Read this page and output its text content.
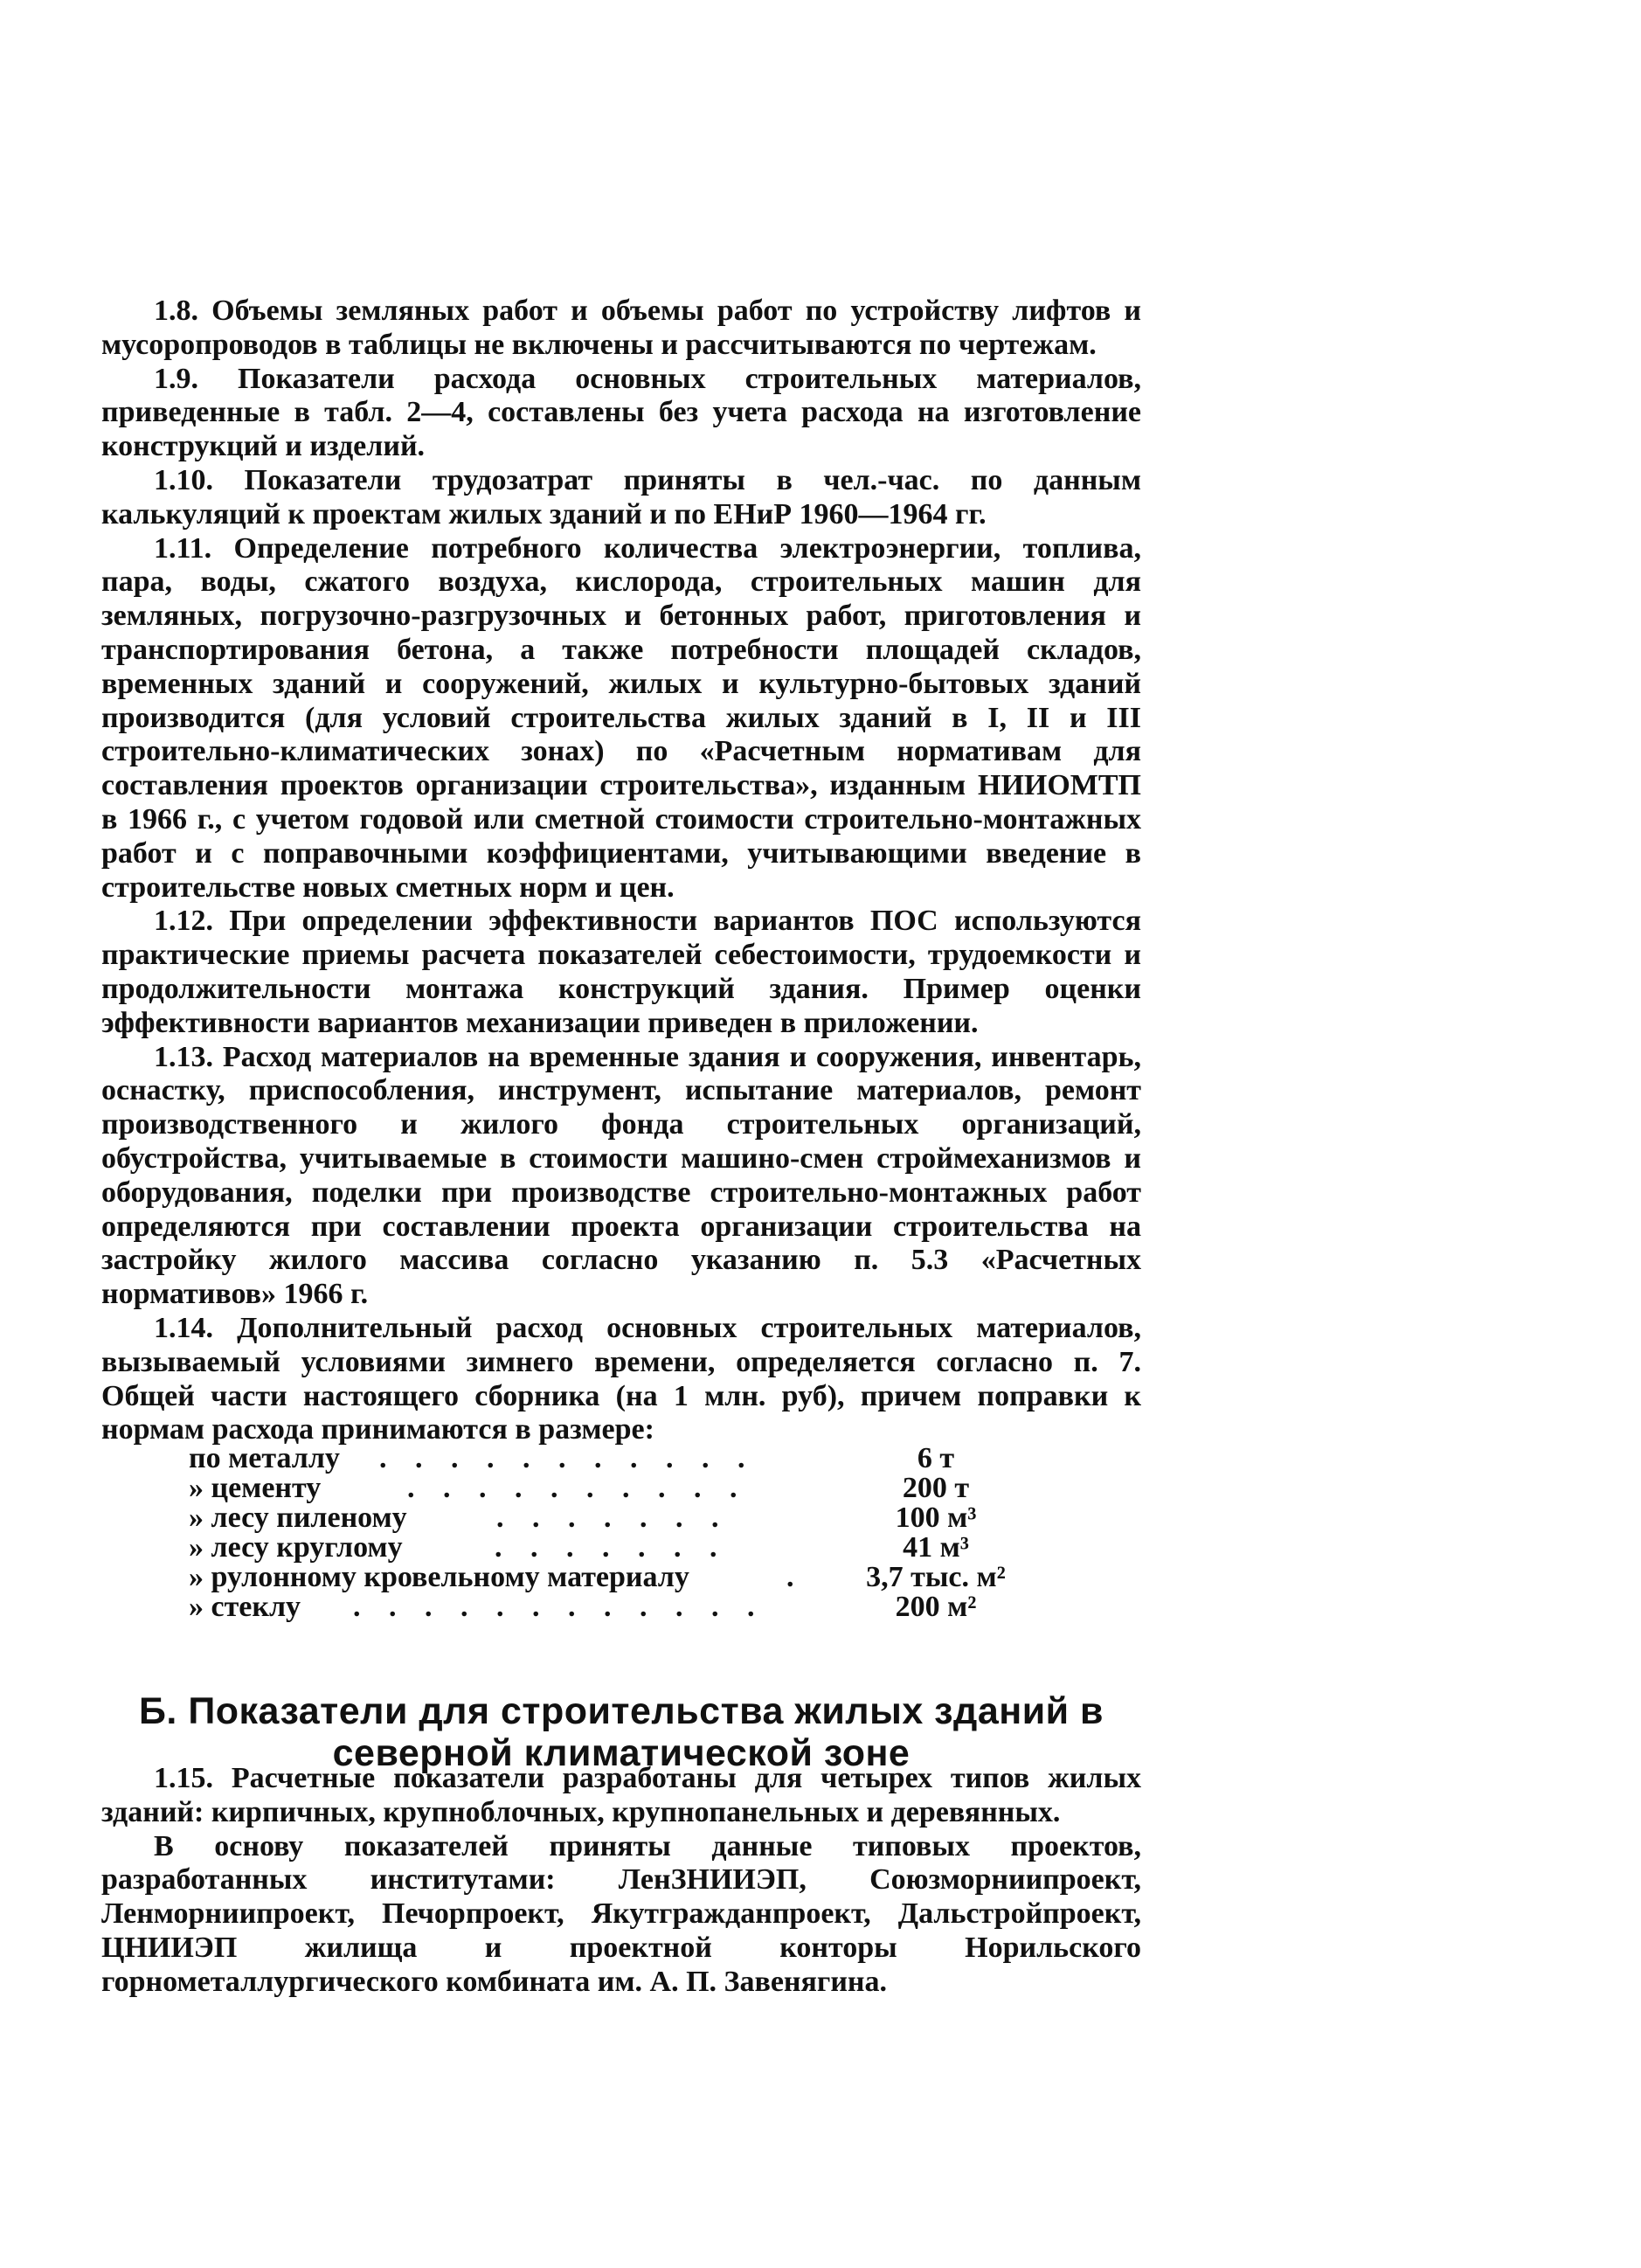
1.8. Объемы земляных работ и объемы работ по устройству лифтов и мусоропроводов в таблицы не включены и рассчитываются по чертежам.

1.9. Показатели расхода основных строительных материалов, приведенные в табл. 2—4, составлены без учета расхода на изготовление конструкций и изделий.

1.10. Показатели трудозатрат приняты в чел.-час. по данным калькуляций к проектам жилых зданий и по ЕНиР 1960—1964 гг.

1.11. Определение потребного количества электроэнергии, топлива, пара, воды, сжатого воздуха, кислорода, строительных машин для земляных, погрузочно-разгрузочных и бетонных работ, приготовления и транспортирования бетона, а также потребности площадей складов, временных зданий и сооружений, жилых и культурно-бытовых зданий производится (для условий строительства жилых зданий в I, II и III строительно-климатических зонах) по «Расчетным нормативам для составления проектов организации строительства», изданным НИИОМТП в 1966 г., с учетом годовой или сметной стоимости строительно-монтажных работ и с поправочными коэффициентами, учитывающими введение в строительстве новых сметных норм и цен.

1.12. При определении эффективности вариантов ПОС используются практические приемы расчета показателей себестоимости, трудоемкости и продолжительности монтажа конструкций здания. Пример оценки эффективности вариантов механизации приведен в приложении.

1.13. Расход материалов на временные здания и сооружения, инвентарь, оснастку, приспособления, инструмент, испытание материалов, ремонт производственного и жилого фонда строительных организаций, обустройства, учитываемые в стоимости машино-смен строймеханизмов и оборудования, поделки при производстве строительно-монтажных работ определяются при составлении проекта организации строительства на застройку жилого массива согласно указанию п. 5.3 «Расчетных нормативов» 1966 г.

1.14. Дополнительный расход основных строительных материалов, вызываемый условиями зимнего времени, определяется согласно п. 7. Общей части настоящего сборника (на 1 млн. руб), причем поправки к нормам расхода принимаются в размере:

по металлу . . . . . . . . . . .	6 т
» цементу	. . . . . . . . . .	200 т
» лесу пиленому	. . . . . . .	100 м³
» лесу круглому	. . . . . . .	41 м³
» рулонному кровельному материалу	.	3,7 тыс. м²
» стеклу . . . . . . . . . . . .	200 м²
Б. Показатели для строительства жилых зданий в северной климатической зоне

1.15. Расчетные показатели разработаны для четырех типов жилых зданий: кирпичных, крупноблочных, крупнопанельных и деревянных.

В основу показателей приняты данные типовых проектов, разработанных институтами: ЛенЗНИИЭП, Союзморниипроект, Ленморниипроект, Печорпроект, Якутгражданпроект, Дальстройпроект, ЦНИИЭП жилища и проектной конторы Норильского горнометаллургического комбината им. А. П. Завенягина.
